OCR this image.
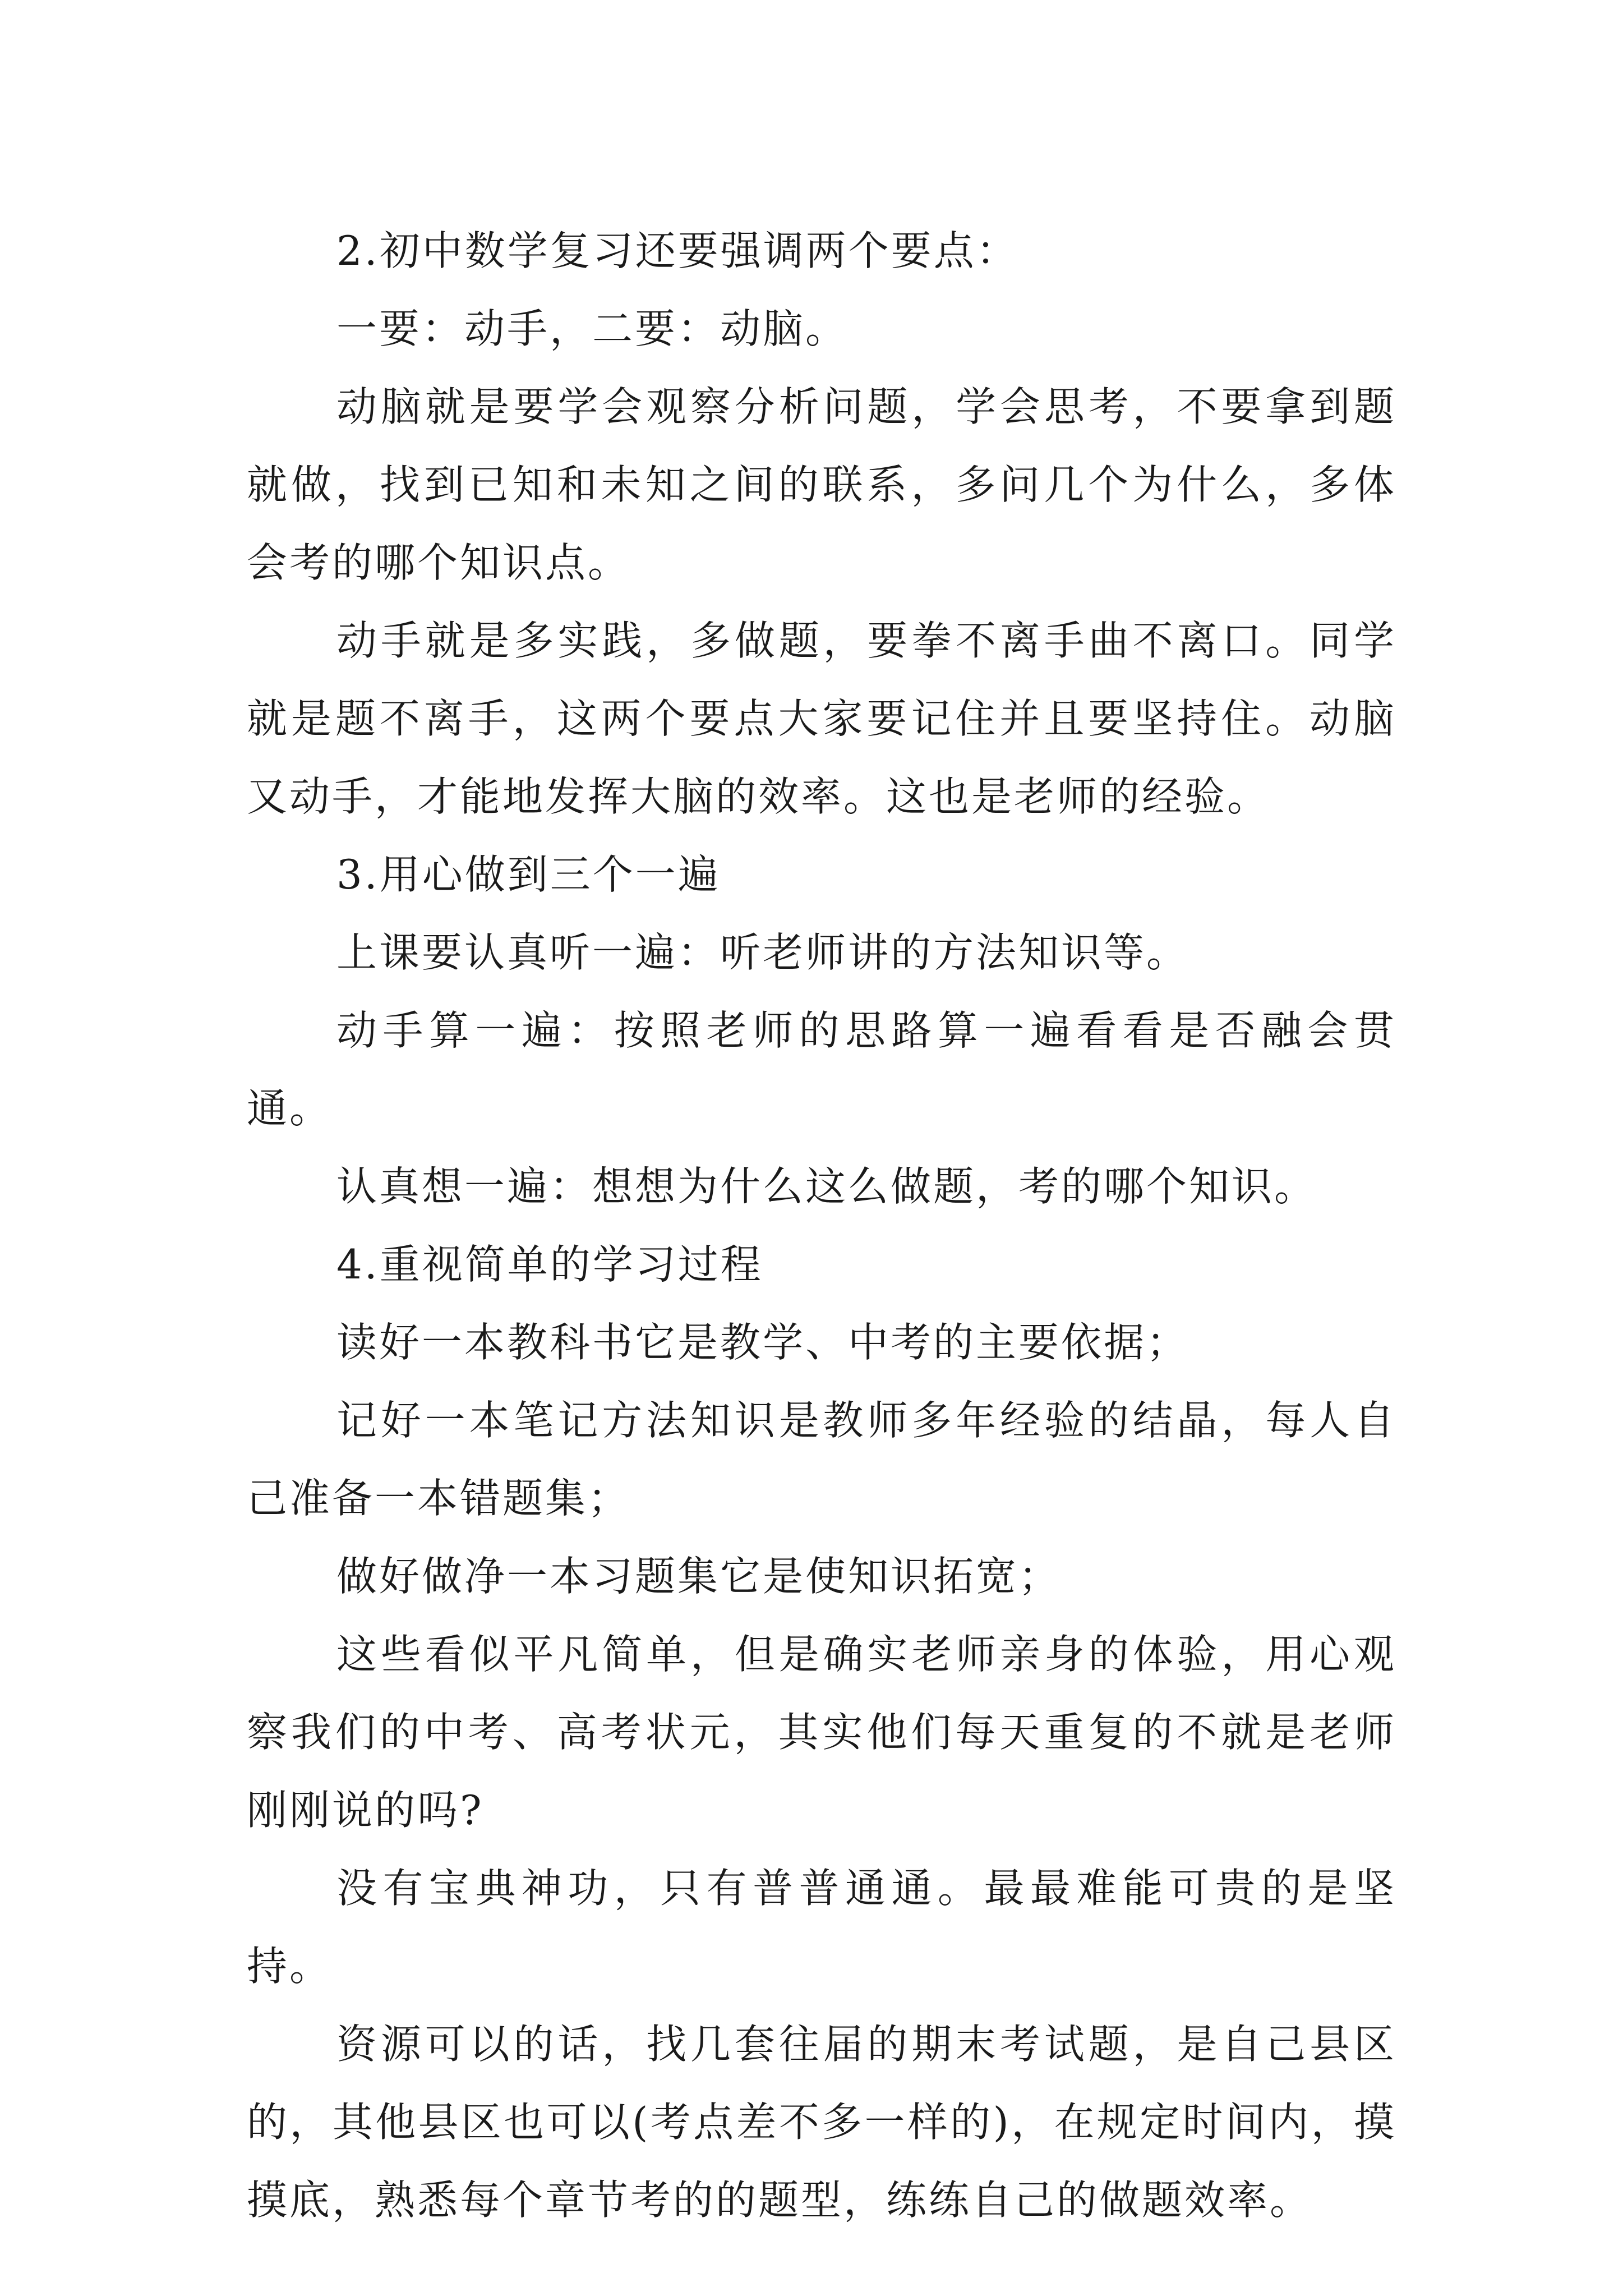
2.初中数学复习还要强调两个要点：

一要：动手，二要：动脑。

动脑就是要学会观察分析问题，学会思考，不要拿到题就做，找到已知和未知之间的联系，多问几个为什么，多体会考的哪个知识点。

动手就是多实践，多做题，要拳不离手曲不离口。同学就是题不离手，这两个要点大家要记住并且要坚持住。动脑又动手，才能地发挥大脑的效率。这也是老师的经验。

3.用心做到三个一遍

上课要认真听一遍：听老师讲的方法知识等。

动手算一遍：按照老师的思路算一遍看看是否融会贯通。

认真想一遍：想想为什么这么做题，考的哪个知识。

4.重视简单的学习过程

读好一本教科书它是教学、中考的主要依据；

记好一本笔记方法知识是教师多年经验的结晶，每人自己准备一本错题集；

做好做净一本习题集它是使知识拓宽；

这些看似平凡简单，但是确实老师亲身的体验，用心观察我们的中考、高考状元，其实他们每天重复的不就是老师刚刚说的吗?

没有宝典神功，只有普普通通。最最难能可贵的是坚持。

资源可以的话，找几套往届的期末考试题，是自己县区的，其他县区也可以(考点差不多一样的)，在规定时间内，摸摸底，熟悉每个章节考的的题型，练练自己的做题效率。
